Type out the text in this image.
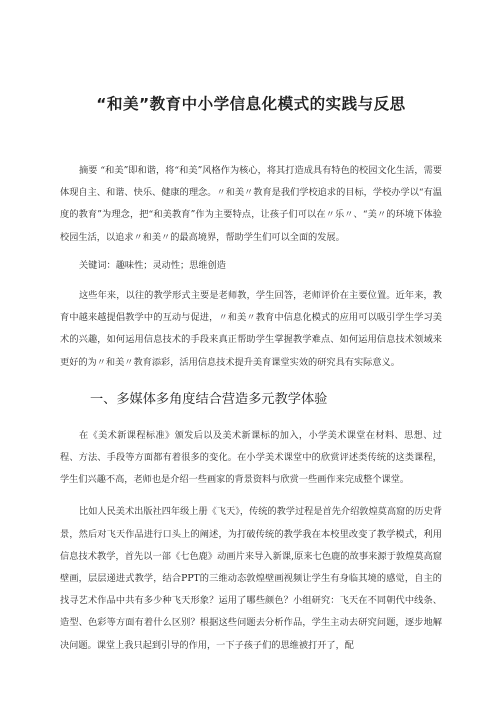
“和美”教育中小学信息化模式的实践与反思

摘要 “和美”即和谐，将“和美”风格作为核心，将其打造成具有特色的校园文化生活，需要体现自主、和谐、快乐、健康的理念。〃和美〃教育是我们学校追求的目标，学校办学以“有温度的教育”为理念，把“和美教育”作为主要特点，让孩子们可以在〃乐〃、“美〃的环境下体验校园生活，以追求〃和美〃的最高境界，帮助学生们可以全面的发展。

关键词：趣味性；灵动性；思维创造

这些年来，以往的教学形式主要是老师教，学生回答，老师评价在主要位置。近年来，教育中越来越提倡教学中的互动与促进，〃和美〃教育中信息化模式的应用可以吸引学生学习美术的兴趣，如何运用信息技术的手段来真正帮助学生掌握教学难点、如何运用信息技术领域来更好的为〃和美〃教育添彩，活用信息技术提升美育课堂实效的研究具有实际意义。

一、多媒体多角度结合营造多元教学体验

在《美术新课程标准》颁发后以及美术新课标的加入，小学美术课堂在材料、思想、过程、方法、手段等方面都有着很多的变化。在小学美术课堂中的欣赏评述类传统的这类课程，学生们兴趣不高，老师也是介绍一些画家的背景资料与欣赏一些画作来完成整个课堂。

比如人民美术出版社四年级上册《飞天》，传统的教学过程是首先介绍敦煌莫高窟的历史背景，然后对飞天作品进行口头上的阐述，为打破传统的教学我在本校里改变了教学模式，利用信息技术教学，首先以一部《七色鹿》动画片来导入新课,原来七色鹿的故事来源于敦煌莫高窟壁画，层层递进式教学，结合PPT的三维动态敦煌壁画视频让学生有身临其境的感觉，自主的找寻艺术作品中共有多少种飞天形象？运用了哪些颜色？小组研究：飞天在不同朝代中线条、造型、色彩等方面有着什么区别？根据这些问题去分析作品，学生主动去研究问题，逐步地解决问题。课堂上我只起到引导的作用，一下子孩子们的思维被打开了，配
